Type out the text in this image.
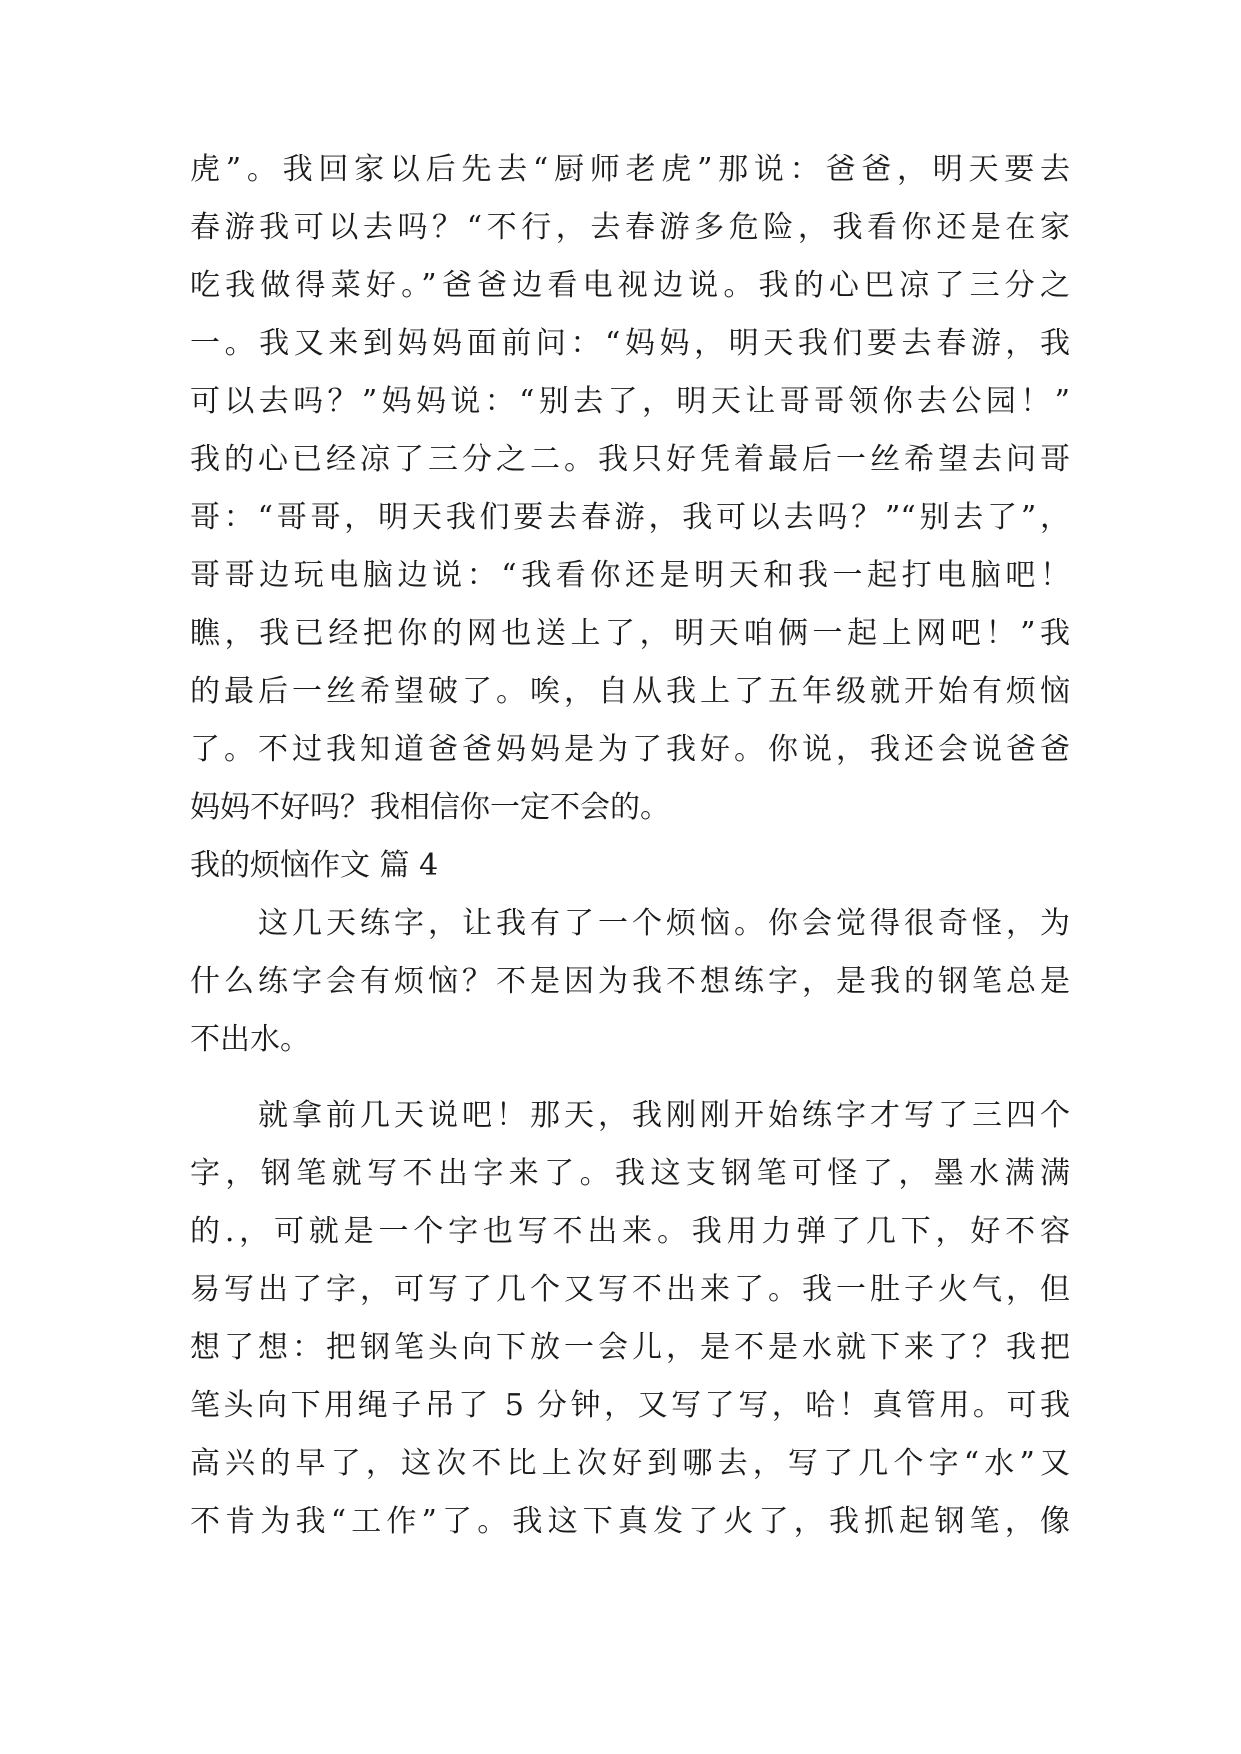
虎”。我回家以后先去“厨师老虎”那说：爸爸，明天要去
春游我可以去吗？“不行，去春游多危险，我看你还是在家
吃我做得菜好。”爸爸边看电视边说。我的心巴凉了三分之
一。我又来到妈妈面前问：“妈妈，明天我们要去春游，我
可以去吗？”妈妈说：“别去了，明天让哥哥领你去公园！”
我的心已经凉了三分之二。我只好凭着最后一丝希望去问哥
哥：“哥哥，明天我们要去春游，我可以去吗？”“别去了”，
哥哥边玩电脑边说：“我看你还是明天和我一起打电脑吧！
瞧，我已经把你的网也送上了，明天咱俩一起上网吧！”我
的最后一丝希望破了。唉，自从我上了五年级就开始有烦恼
了。不过我知道爸爸妈妈是为了我好。你说，我还会说爸爸
妈妈不好吗？我相信你一定不会的。
我的烦恼作文 篇 4
这几天练字，让我有了一个烦恼。你会觉得很奇怪，为
什么练字会有烦恼？不是因为我不想练字，是我的钢笔总是
不出水。
就拿前几天说吧！那天，我刚刚开始练字才写了三四个
字，钢笔就写不出字来了。我这支钢笔可怪了，墨水满满
的.，可就是一个字也写不出来。我用力弹了几下，好不容
易写出了字，可写了几个又写不出来了。我一肚子火气，但
想了想：把钢笔头向下放一会儿，是不是水就下来了？我把
笔头向下用绳子吊了 5 分钟，又写了写，哈！真管用。可我
高兴的早了，这次不比上次好到哪去，写了几个字“水”又
不肯为我“工作”了。我这下真发了火了，我抓起钢笔，像
